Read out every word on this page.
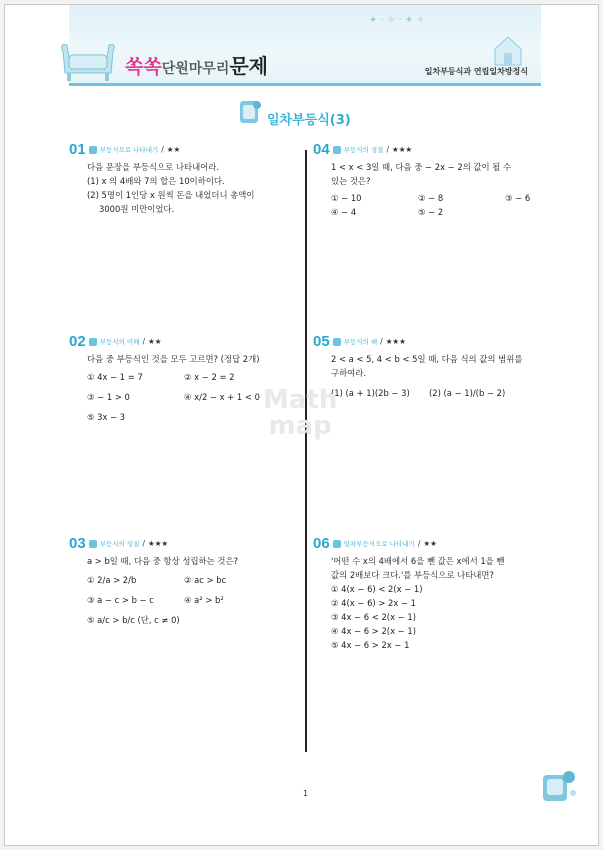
✦ · ✧ · ✦ ✧
쏙쏙단원마무리문제	일차부등식과 연립일차방정식
일차부등식(3)
01 부등식으로 나타내기 / ★★
다음 문장을 부등식으로 나타내어라.
(1) x 의 4배와 7의 합은 10이하이다.
(2) 5명이 1인당 x 원씩 돈을 내었더니 총액이
3000원 미만이었다.
02 부등식의 이해 / ★★
다음 중 부등식인 것을 모두 고르면? (정답 2개)
① 4x − 1 = 7	② x − 2 = 2
③ − 1 > 0	④ x/2 − x + 1 < 0
⑤ 3x − 3
03 부등식의 성질 / ★★★
a > b일 때, 다음 중 항상 성립하는 것은?
① 2/a > 2/b	② ac > bc
③ a − c > b − c	④ a² > b²
⑤ a/c > b/c (단, c ≠ 0)
04 부등식의 성질 / ★★★
1 < x < 3일 때, 다음 중 − 2x − 2의 값이 될 수
있는 것은?
① − 10	② − 8	③ − 6
④ − 4	⑤ − 2
05 부등식의 해 / ★★★
2 < a < 5, 4 < b < 5일 때, 다음 식의 값의 범위를
구하여라.
(1) (a + 1)(2b − 3)	(2) (a − 1)/(b − 2)
06 일차부등식으로 나타내기 / ★★
'어떤 수 x의 4배에서 6을 뺀 값은 x에서 1을 뺀
값의 2배보다 크다.'를 부등식으로 나타내면?
① 4(x − 6) < 2(x − 1)
② 4(x − 6) > 2x − 1
③ 4x − 6 < 2(x − 1)
④ 4x − 6 > 2(x − 1)
⑤ 4x − 6 > 2x − 1
Math
map
1
